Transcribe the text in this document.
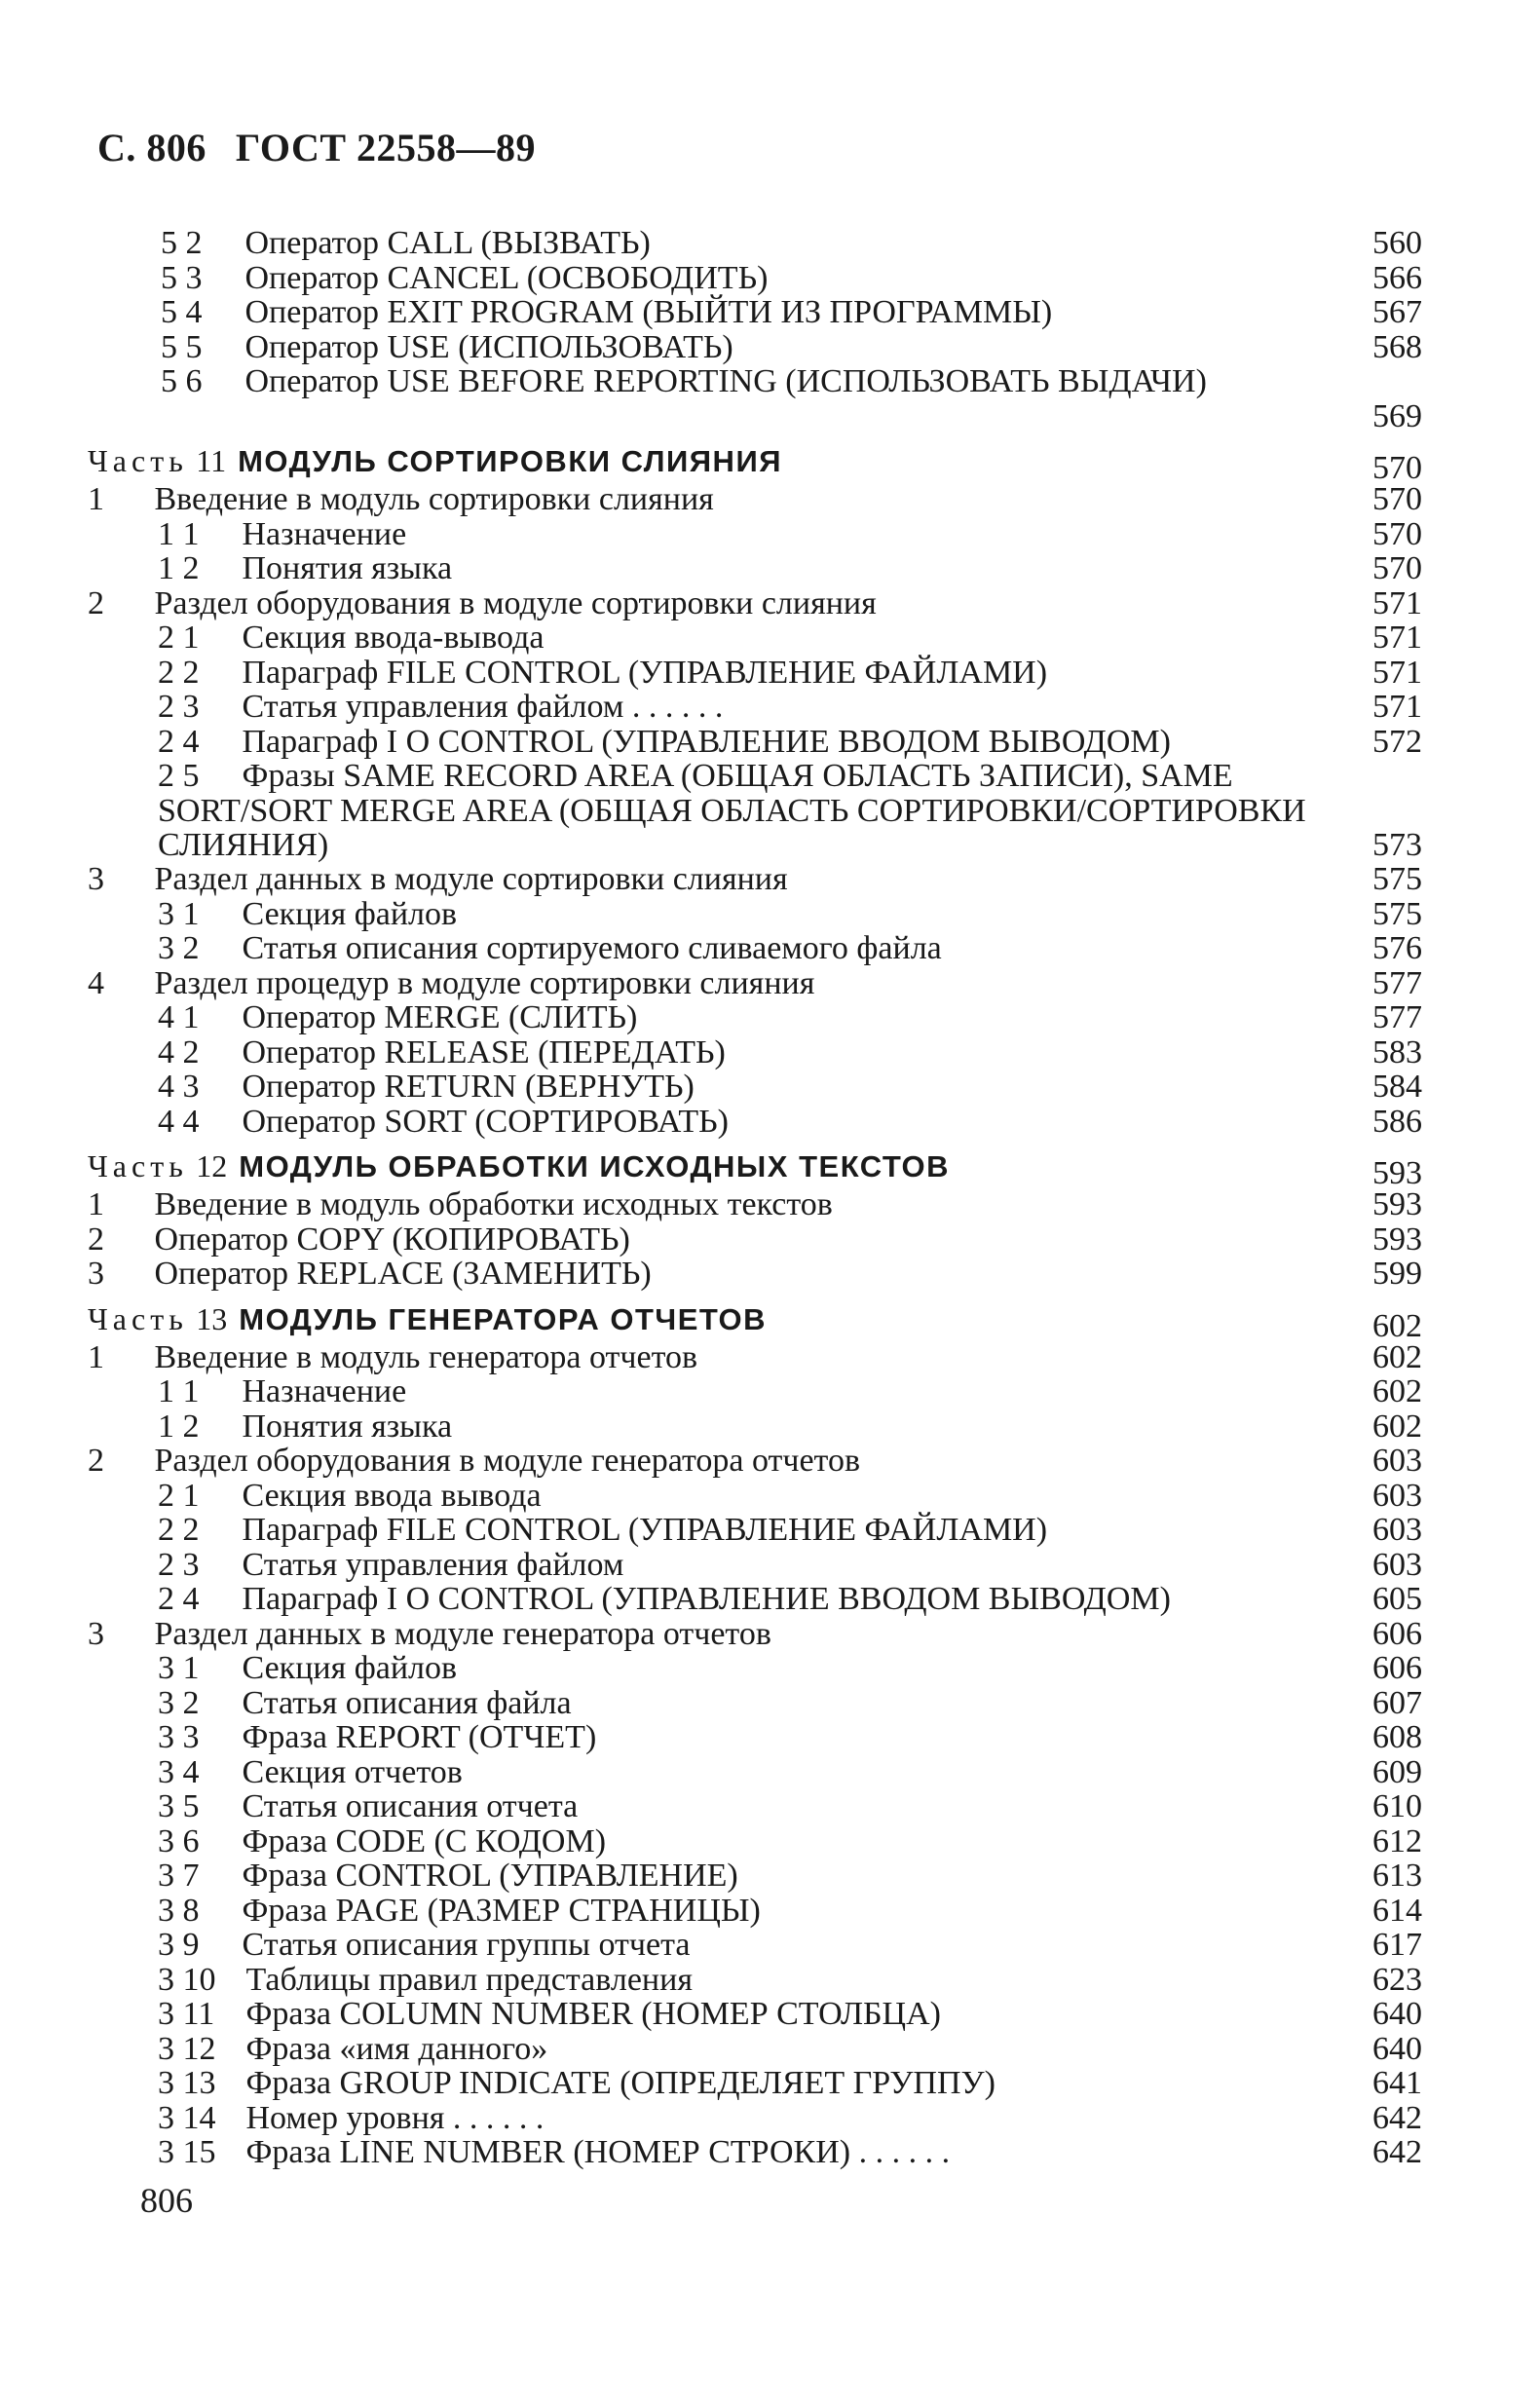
С. 806 ГОСТ 22558—89
5 2 Оператор CALL (ВЫЗВАТЬ)	560
5 3 Оператор CANCEL (ОСВОБОДИТЬ)	566
5 4 Оператор EXIT PROGRAM (ВЫЙТИ ИЗ ПРОГРАММЫ)	567
5 5 Оператор USE (ИСПОЛЬЗОВАТЬ)	568
5 6 Оператор USE BEFORE REPORTING (ИСПОЛЬЗОВАТЬ ВЫДАЧИ)
569
Часть 11 МОДУЛЬ СОРТИРОВКИ СЛИЯНИЯ	570
1 Введение в модуль сортировки слияния	570
1 1 Назначение	570
1 2 Понятия языка	570
2 Раздел оборудования в модуле сортировки слияния	571
2 1 Секция ввода-вывода	571
2 2 Параграф FILE CONTROL (УПРАВЛЕНИЕ ФАЙЛАМИ)	571
2 3 Статья управления файлом . . . . . .	571
2 4 Параграф I O CONTROL (УПРАВЛЕНИЕ ВВОДОМ ВЫВОДОМ)	572
2 5 Фразы SAME RECORD AREA (ОБЩАЯ ОБЛАСТЬ ЗАПИСИ), SAME SORT/SORT MERGE AREA (ОБЩАЯ ОБЛАСТЬ СОРТИРОВКИ/СОРТИРОВКИ СЛИЯНИЯ)	573
3 Раздел данных в модуле сортировки слияния	575
3 1 Секция файлов	575
3 2 Статья описания сортируемого сливаемого файла	576
4 Раздел процедур в модуле сортировки слияния	577
4 1 Оператор MERGE (СЛИТЬ)	577
4 2 Оператор RELEASE (ПЕРЕДАТЬ)	583
4 3 Оператор RETURN (ВЕРНУТЬ)	584
4 4 Оператор SORT (СОРТИРОВАТЬ)	586
Часть 12 МОДУЛЬ ОБРАБОТКИ ИСХОДНЫХ ТЕКСТОВ	593
1 Введение в модуль обработки исходных текстов	593
2 Оператор COPY (КОПИРОВАТЬ)	593
3 Оператор REPLACE (ЗАМЕНИТЬ)	599
Часть 13 МОДУЛЬ ГЕНЕРАТОРА ОТЧЕТОВ	602
1 Введение в модуль генератора отчетов	602
1 1 Назначение	602
1 2 Понятия языка	602
2 Раздел оборудования в модуле генератора отчетов	603
2 1 Секция ввода вывода	603
2 2 Параграф FILE CONTROL (УПРАВЛЕНИЕ ФАЙЛАМИ)	603
2 3 Статья управления файлом	603
2 4 Параграф I O CONTROL (УПРАВЛЕНИЕ ВВОДОМ ВЫВОДОМ)	605
3 Раздел данных в модуле генератора отчетов	606
3 1 Секция файлов	606
3 2 Статья описания файла	607
3 3 Фраза REPORT (ОТЧЕТ)	608
3 4 Секция отчетов	609
3 5 Статья описания отчета	610
3 6 Фраза CODE (С КОДОМ)	612
3 7 Фраза CONTROL (УПРАВЛЕНИЕ)	613
3 8 Фраза PAGE (РАЗМЕР СТРАНИЦЫ)	614
3 9 Статья описания группы отчета	617
3 10 Таблицы правил представления	623
3 11 Фраза COLUMN NUMBER (НОМЕР СТОЛБЦА)	640
3 12 Фраза «имя данного»	640
3 13 Фраза GROUP INDICATE (ОПРЕДЕЛЯЕТ ГРУППУ)	641
3 14 Номер уровня . . . . . .	642
3 15 Фраза LINE NUMBER (НОМЕР СТРОКИ) . . . . . .	642
806
